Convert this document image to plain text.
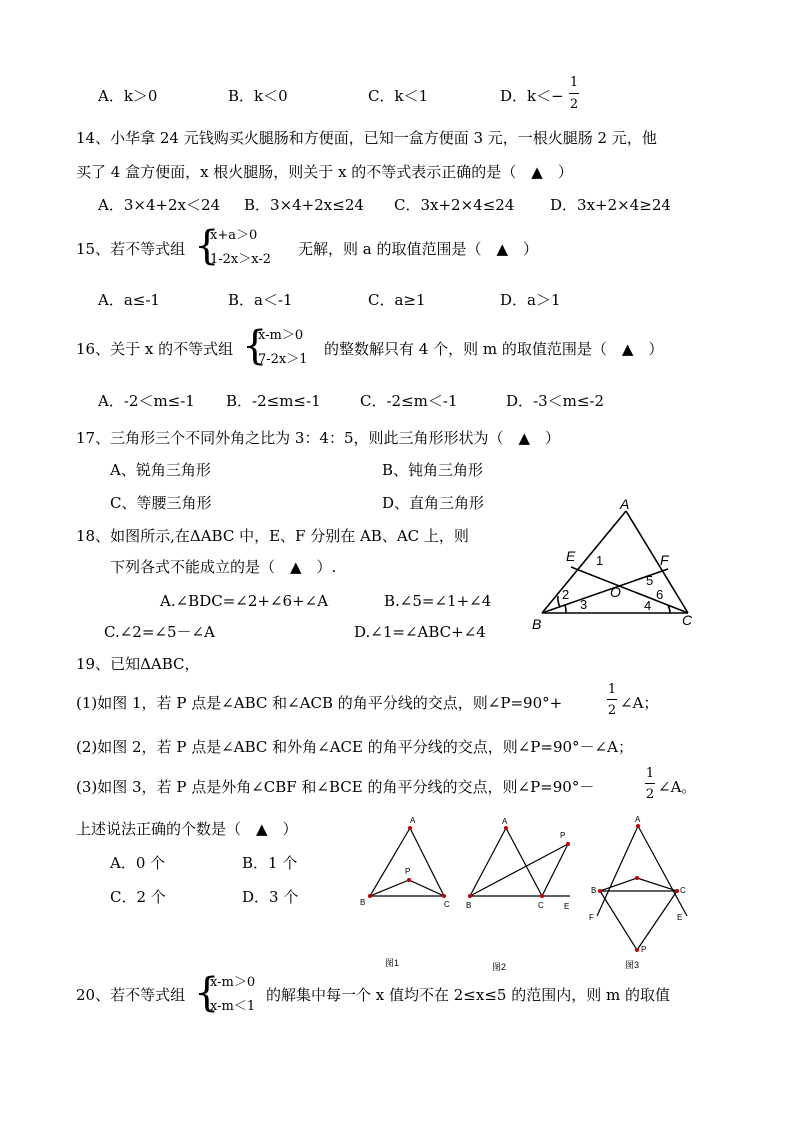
A．k＞0	B．k＜0	C．k＜1	D．k＜−
1
2
14、小华拿 24 元钱购买火腿肠和方便面，已知一盒方便面 3 元，一根火腿肠 2 元，他
买了 4 盒方便面，x 根火腿肠，则关于 x 的不等式表示正确的是（　▲　）
A．3×4+2x＜24 B．3×4+2x≤24 C．3x+2×4≤24 D．3x+2×4≥24
15、若不等式组 {
x+a＞0
1-2x＞x-2
无解，则 a 的取值范围是（　▲　）
A．a≤-1	B．a＜-1	C．a≥1	D．a＞1
16、关于 x 的不等式组 {
x-m＞0
7-2x＞1
的整数解只有 4 个，则 m 的取值范围是（　▲　）
A．-2＜m≤-1 B．-2≤m≤-1	C．-2≤m＜-1	D．-3＜m≤-2
17、三角形三个不同外角之比为 3：4：5，则此三角形形状为（　▲　）
A、锐角三角形	B、钝角三角形
C、等腰三角形	D、直角三角形
18、如图所示,在ΔABC 中，E、F 分别在 AB、AC 上，则
下列各式不能成立的是（　▲　）.
A.∠BDC=∠2+∠6+∠A	B.∠5=∠1+∠4
C.∠2=∠5－∠A	D.∠1=∠ABC+∠4
A
E	F
O
B	C
1
2
3	4
5
6
19、已知ΔABC，
(1)如图 1，若 P 点是∠ABC 和∠ACB 的角平分线的交点，则∠P=90°+
1
2 ∠A；
(2)如图 2，若 P 点是∠ABC 和外角∠ACE 的角平分线的交点，则∠P=90°－∠A；
(3)如图 3，若 P 点是外角∠CBF 和∠BCE 的角平分线的交点，则∠P=90°－
1
2 ∠A。
上述说法正确的个数是（　▲　）
A．0 个	B．1 个
C．2 个	D．3 个
A
B	C
P
图1
A
B	C	E
P
图2
A
B	C
F	E
P
图3
20、若不等式组 {
x-m＞0
x-m＜1
的解集中每一个 x 值均不在 2≤x≤5 的范围内，则 m 的取值
